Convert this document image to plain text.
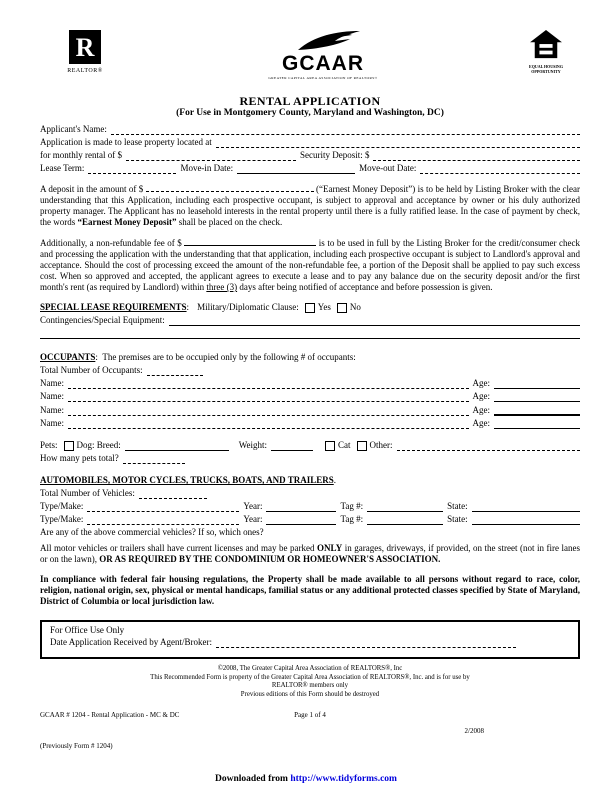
R
REALTOR®	GCAAR
GREATER CAPITAL AREA ASSOCIATION OF REALTORS®
EQUAL HOUSING
OPPORTUNITY
RENTAL APPLICATION
(For Use in Montgomery County, Maryland and Washington, DC)
Applicant's Name:
Application is made to lease property located at
for monthly rental of $	Security Deposit: $
Lease Term:	Move-in Date:	Move-out Date:
A deposit in the amount of $	(“Earnest Money Deposit”) is to be held by Listing Broker with the clear understanding that this Application, including each prospective occupant, is subject to approval and acceptance by owner or his duly authorized property manager. The Applicant has no leasehold interests in the rental property until there is a fully ratified lease. In the case of payment by check, the words “Earnest Money Deposit” shall be placed on the check.
Additionally, a non-refundable fee of $	is to be used in full by the Listing Broker for the credit/consumer check and processing the application with the understanding that that application, including each prospective occupant is subject to Landlord's approval and acceptance. Should the cost of processing exceed the amount of the non-refundable fee, a portion of the Deposit shall be applied to pay such excess cost. When so approved and accepted, the applicant agrees to execute a lease and to pay any balance due on the security deposit and/or the first month's rent (as required by Landlord) within three (3) days after being notified of acceptance and before possession is given.
SPECIAL LEASE REQUIREMENTS : Military/Diplomatic Clause: Yes No
Contingencies/Special Equipment:
OCCUPANTS: The premises are to be occupied only by the following # of occupants:
Total Number of Occupants:
Name:	Age:
Name:	Age:
Name:	Age:
Name:	Age:
Pets: Dog: Breed:	Weight:	Cat Other:
How many pets total?
AUTOMOBILES, MOTOR CYCLES, TRUCKS, BOATS, AND TRAILERS.
Total Number of Vehicles:
Type/Make:	Year:	Tag #:	State:
Type/Make:	Year:	Tag #:	State:
Are any of the above commercial vehicles? If so, which ones?
All motor vehicles or trailers shall have current licenses and may be parked ONLY in garages, driveways, if provided, on the street (not in fire lanes or on the lawn), OR AS REQUIRED BY THE CONDOMINIUM OR HOMEOWNER'S ASSOCIATION.
In compliance with federal fair housing regulations, the Property shall be made available to all persons without regard to race, color, religion, national origin, sex, physical or mental handicaps, familial status or any additional protected classes specified by State of Maryland, District of Columbia or local jurisdiction law.
For Office Use Only
Date Application Received by Agent/Broker:
©2008, The Greater Capital Area Association of REALTORS®, Inc
This Recommended Form is property of the Greater Capital Area Association of REALTORS®, Inc. and is for use by
REALTOR® members only
Previous editions of this Form should be destroyed
GCAAR # 1204 - Rental Application - MC & DC	Page 1 of 4
2/2008
(Previously Form # 1204)
Downloaded from http://www.tidyforms.com
